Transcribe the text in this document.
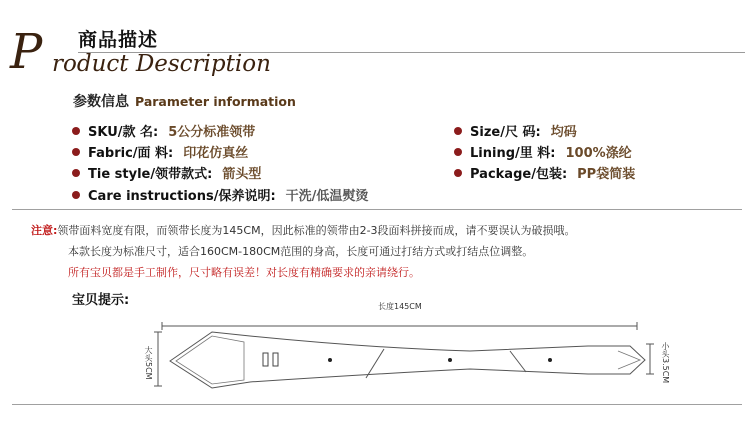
商品描述
P roduct Description
参数信息 Parameter information
SKU/款 名: 5公分标准领带
Fabric/面 料: 印花仿真丝
Tie style/领带款式: 箭头型
Care instructions/保养说明: 干洗/低温熨烫
Size/尺 码: 均码
Lining/里 料: 100%涤纶
Package/包装: PP袋简装
注意:领带面料宽度有限，而领带长度为145CM，因此标准的领带由2-3段面料拼接而成，请不要误认为破损哦。
本款长度为标准尺寸，适合160CM-180CM范围的身高，长度可通过打结方式或打结点位调整。
所有宝贝都是手工制作，尺寸略有误差！对长度有精确要求的亲请绕行。
宝贝提示:	长度145CM
大头5CM	小头3.5CM
